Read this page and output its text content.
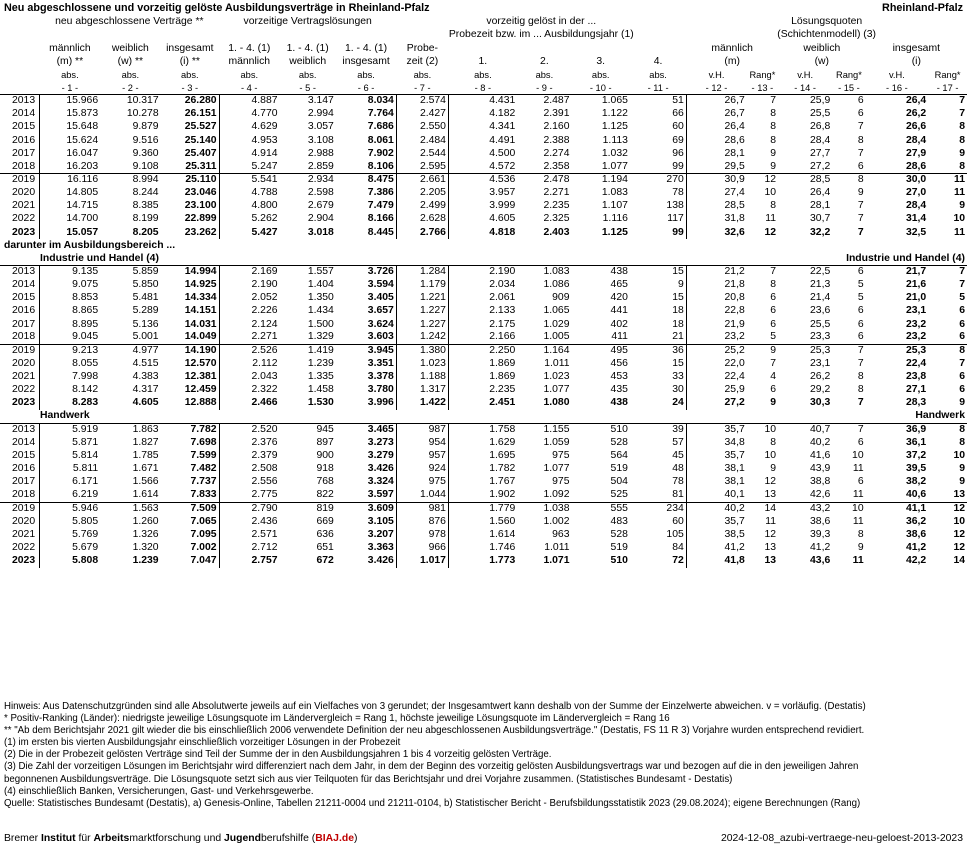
Neu abgeschlossene und vorzeitig gelöste Ausbildungsverträge in Rheinland-Pfalz	Rheinland-Pfalz
	neu abgeschlossene Verträge **			vorzeitige Vertragslösungen			vorzeitig gelöst in der ...					Lösungsquoten					
							Probezeit bzw. im ... Ausbildungsjahr (1)					(Schichtenmodell) (3)					
	männlich	weiblich	insgesamt	1. - 4. (1)	1. - 4. (1)	1. - 4. (1)	Probe-					männlich		weiblich		insgesamt	
	(m) **	(w) **	(i) **	männlich	weiblich	insgesamt	zeit (2)	1.	2.	3.	4.	(m)		(w)		(i)	
	abs.	abs.	abs.	abs.	abs.	abs.	abs.	abs.	abs.	abs.	abs.	v.H.	Rang*	v.H.	Rang*	v.H.	Rang*
	- 1 -	- 2 -	- 3 -	- 4 -	- 5 -	- 6 -	- 7 -	- 8 -	- 9 -	- 10 -	- 11 -	- 12 -	- 13 -	- 14 -	- 15 -	- 16 -	- 17 -
2013	15.966	10.317	26.280	4.887	3.147	8.034	2.574	4.431	2.487	1.065	51	26,7	7	25,9	6	26,4	7
2014	15.873	10.278	26.151	4.770	2.994	7.764	2.427	4.182	2.391	1.122	66	26,7	8	25,5	6	26,2	7
2015	15.648	9.879	25.527	4.629	3.057	7.686	2.550	4.341	2.160	1.125	60	26,4	8	26,8	7	26,6	8
2016	15.624	9.516	25.140	4.953	3.108	8.061	2.484	4.491	2.388	1.113	69	28,6	8	28,4	8	28,4	8
2017	16.047	9.360	25.407	4.914	2.988	7.902	2.544	4.500	2.274	1.032	96	28,1	9	27,7	7	27,9	9
2018	16.203	9.108	25.311	5.247	2.859	8.106	2.595	4.572	2.358	1.077	99	29,5	9	27,2	6	28,6	8
2019	16.116	8.994	25.110	5.541	2.934	8.475	2.661	4.536	2.478	1.194	270	30,9	12	28,5	8	30,0	11
2020	14.805	8.244	23.046	4.788	2.598	7.386	2.205	3.957	2.271	1.083	78	27,4	10	26,4	9	27,0	11
2021	14.715	8.385	23.100	4.800	2.679	7.479	2.499	3.999	2.235	1.107	138	28,5	8	28,1	7	28,4	9
2022	14.700	8.199	22.899	5.262	2.904	8.166	2.628	4.605	2.325	1.116	117	31,8	11	30,7	7	31,4	10
2023	15.057	8.205	23.262	5.427	3.018	8.445	2.766	4.818	2.403	1.125	99	32,6	12	32,2	7	32,5	11
darunter im Ausbildungsbereich ...																	
Industrie und Handel (4)												Industrie und Handel (4)					
2013	9.135	5.859	14.994	2.169	1.557	3.726	1.284	2.190	1.083	438	15	21,2	7	22,5	6	21,7	7
2014	9.075	5.850	14.925	2.190	1.404	3.594	1.179	2.034	1.086	465	9	21,8	8	21,3	5	21,6	7
2015	8.853	5.481	14.334	2.052	1.350	3.405	1.221	2.061	909	420	15	20,8	6	21,4	5	21,0	5
2016	8.865	5.289	14.151	2.226	1.434	3.657	1.227	2.133	1.065	441	18	22,8	6	23,6	6	23,1	6
2017	8.895	5.136	14.031	2.124	1.500	3.624	1.227	2.175	1.029	402	18	21,9	6	25,5	6	23,2	6
2018	9.045	5.001	14.049	2.271	1.329	3.603	1.242	2.166	1.005	411	21	23,2	5	23,3	6	23,2	6
2019	9.213	4.977	14.190	2.526	1.419	3.945	1.380	2.250	1.164	495	36	25,2	9	25,3	7	25,3	8
2020	8.055	4.515	12.570	2.112	1.239	3.351	1.023	1.869	1.011	456	15	22,0	7	23,1	7	22,4	7
2021	7.998	4.383	12.381	2.043	1.335	3.378	1.188	1.869	1.023	453	33	22,4	4	26,2	8	23,8	6
2022	8.142	4.317	12.459	2.322	1.458	3.780	1.317	2.235	1.077	435	30	25,9	6	29,2	8	27,1	6
2023	8.283	4.605	12.888	2.466	1.530	3.996	1.422	2.451	1.080	438	24	27,2	9	30,3	7	28,3	9
Handwerk												Handwerk					
2013	5.919	1.863	7.782	2.520	945	3.465	987	1.758	1.155	510	39	35,7	10	40,7	7	36,9	8
2014	5.871	1.827	7.698	2.376	897	3.273	954	1.629	1.059	528	57	34,8	8	40,2	6	36,1	8
2015	5.814	1.785	7.599	2.379	900	3.279	957	1.695	975	564	45	35,7	10	41,6	10	37,2	10
2016	5.811	1.671	7.482	2.508	918	3.426	924	1.782	1.077	519	48	38,1	9	43,9	11	39,5	9
2017	6.171	1.566	7.737	2.556	768	3.324	975	1.767	975	504	78	38,1	12	38,8	6	38,2	9
2018	6.219	1.614	7.833	2.775	822	3.597	1.044	1.902	1.092	525	81	40,1	13	42,6	11	40,6	13
2019	5.946	1.563	7.509	2.790	819	3.609	981	1.779	1.038	555	234	40,2	14	43,2	10	41,1	12
2020	5.805	1.260	7.065	2.436	669	3.105	876	1.560	1.002	483	60	35,7	11	38,6	11	36,2	10
2021	5.769	1.326	7.095	2.571	636	3.207	978	1.614	963	528	105	38,5	12	39,3	8	38,6	12
2022	5.679	1.320	7.002	2.712	651	3.363	966	1.746	1.011	519	84	41,2	13	41,2	9	41,2	12
2023	5.808	1.239	7.047	2.757	672	3.426	1.017	1.773	1.071	510	72	41,8	13	43,6	11	42,2	14
Hinweis: Aus Datenschutzgründen sind alle Absolutwerte jeweils auf ein Vielfaches von 3 gerundet; der Insgesamtwert kann deshalb von der Summe der Einzelwerte abweichen. v = vorläufig. (Destatis)
* Positiv-Ranking (Länder): niedrigste jeweilige Lösungsquote im Ländervergleich = Rang 1, höchste jeweilige Lösungsquote im Ländervergleich = Rang 16
** "Ab dem Berichtsjahr 2021 gilt wieder die bis einschließlich 2006 verwendete Definition der neu abgeschlossenen Ausbildungsverträge." (Destatis, FS 11 R 3) Vorjahre wurden entsprechend revidiert.
(1) im ersten bis vierten Ausbildungsjahr einschließlich vorzeitiger Lösungen in der Probezeit
(2) Die in der Probezeit gelösten Verträge sind Teil der Summe der in den Ausbildungsjahren 1 bis 4 vorzeitig gelösten Verträge.
(3) Die Zahl der vorzeitigen Lösungen im Berichtsjahr wird differenziert nach dem Jahr, in dem der Beginn des vorzeitig gelösten Ausbildungsvertrags war und bezogen auf die in den jeweiligen Jahren
begonnenen Ausbildungsverträge. Die Lösungsquote setzt sich aus vier Teilquoten für das Berichtsjahr und drei Vorjahre zusammen. (Statistisches Bundesamt - Destatis)
(4) einschließlich Banken, Versicherungen, Gast- und Verkehrsgewerbe.
Quelle: Statistisches Bundesamt (Destatis), a) Genesis-Online, Tabellen 21211-0004 und 21211-0104, b) Statistischer Bericht - Berufsbildungsstatistik 2023 (29.08.2024); eigene Berechnungen (Rang)
Bremer Institut für Arbeitsmarktforschung und Jugendberufshilfe (BIAJ.de)	2024-12-08_azubi-vertraege-neu-geloest-2013-2023
